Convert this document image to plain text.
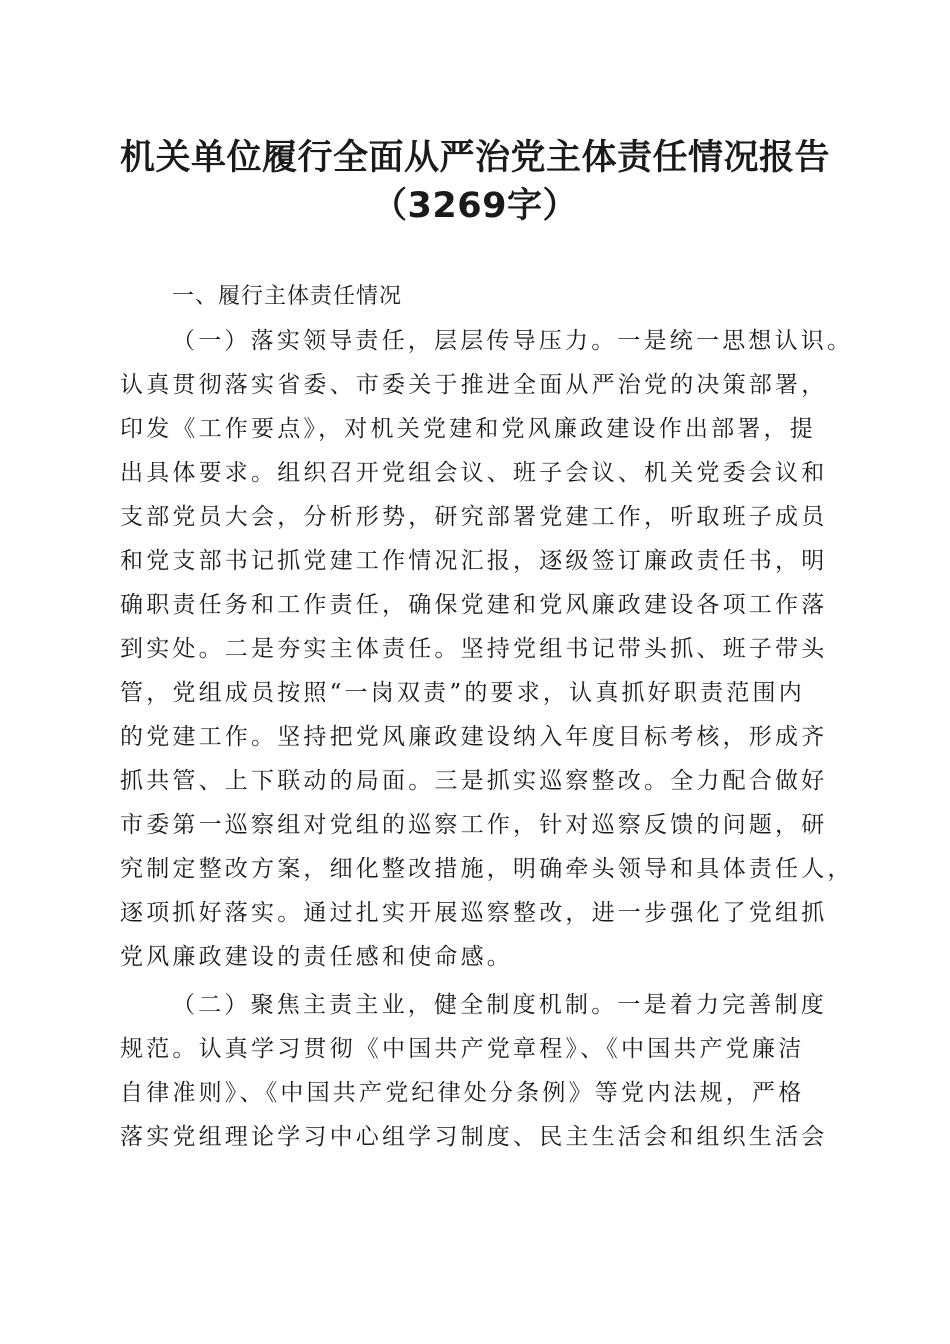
机关单位履行全面从严治党主体责任情况报告
（3269字）
一、履行主体责任情况
（一）落实领导责任，层层传导压力。一是统一思想认识。
认真贯彻落实省委、市委关于推进全面从严治党的决策部署，
印发《工作要点》，对机关党建和党风廉政建设作出部署，提
出具体要求。组织召开党组会议、班子会议、机关党委会议和
支部党员大会，分析形势，研究部署党建工作，听取班子成员
和党支部书记抓党建工作情况汇报，逐级签订廉政责任书，明
确职责任务和工作责任，确保党建和党风廉政建设各项工作落
到实处。二是夯实主体责任。坚持党组书记带头抓、班子带头
管，党组成员按照“一岗双责”的要求，认真抓好职责范围内
的党建工作。坚持把党风廉政建设纳入年度目标考核，形成齐
抓共管、上下联动的局面。三是抓实巡察整改。全力配合做好
市委第一巡察组对党组的巡察工作，针对巡察反馈的问题，研
究制定整改方案，细化整改措施，明确牵头领导和具体责任人，
逐项抓好落实。通过扎实开展巡察整改，进一步强化了党组抓
党风廉政建设的责任感和使命感。
（二）聚焦主责主业，健全制度机制。一是着力完善制度
规范。认真学习贯彻《中国共产党章程》、《中国共产党廉洁
自律准则》、《中国共产党纪律处分条例》等党内法规，严格
落实党组理论学习中心组学习制度、民主生活会和组织生活会
